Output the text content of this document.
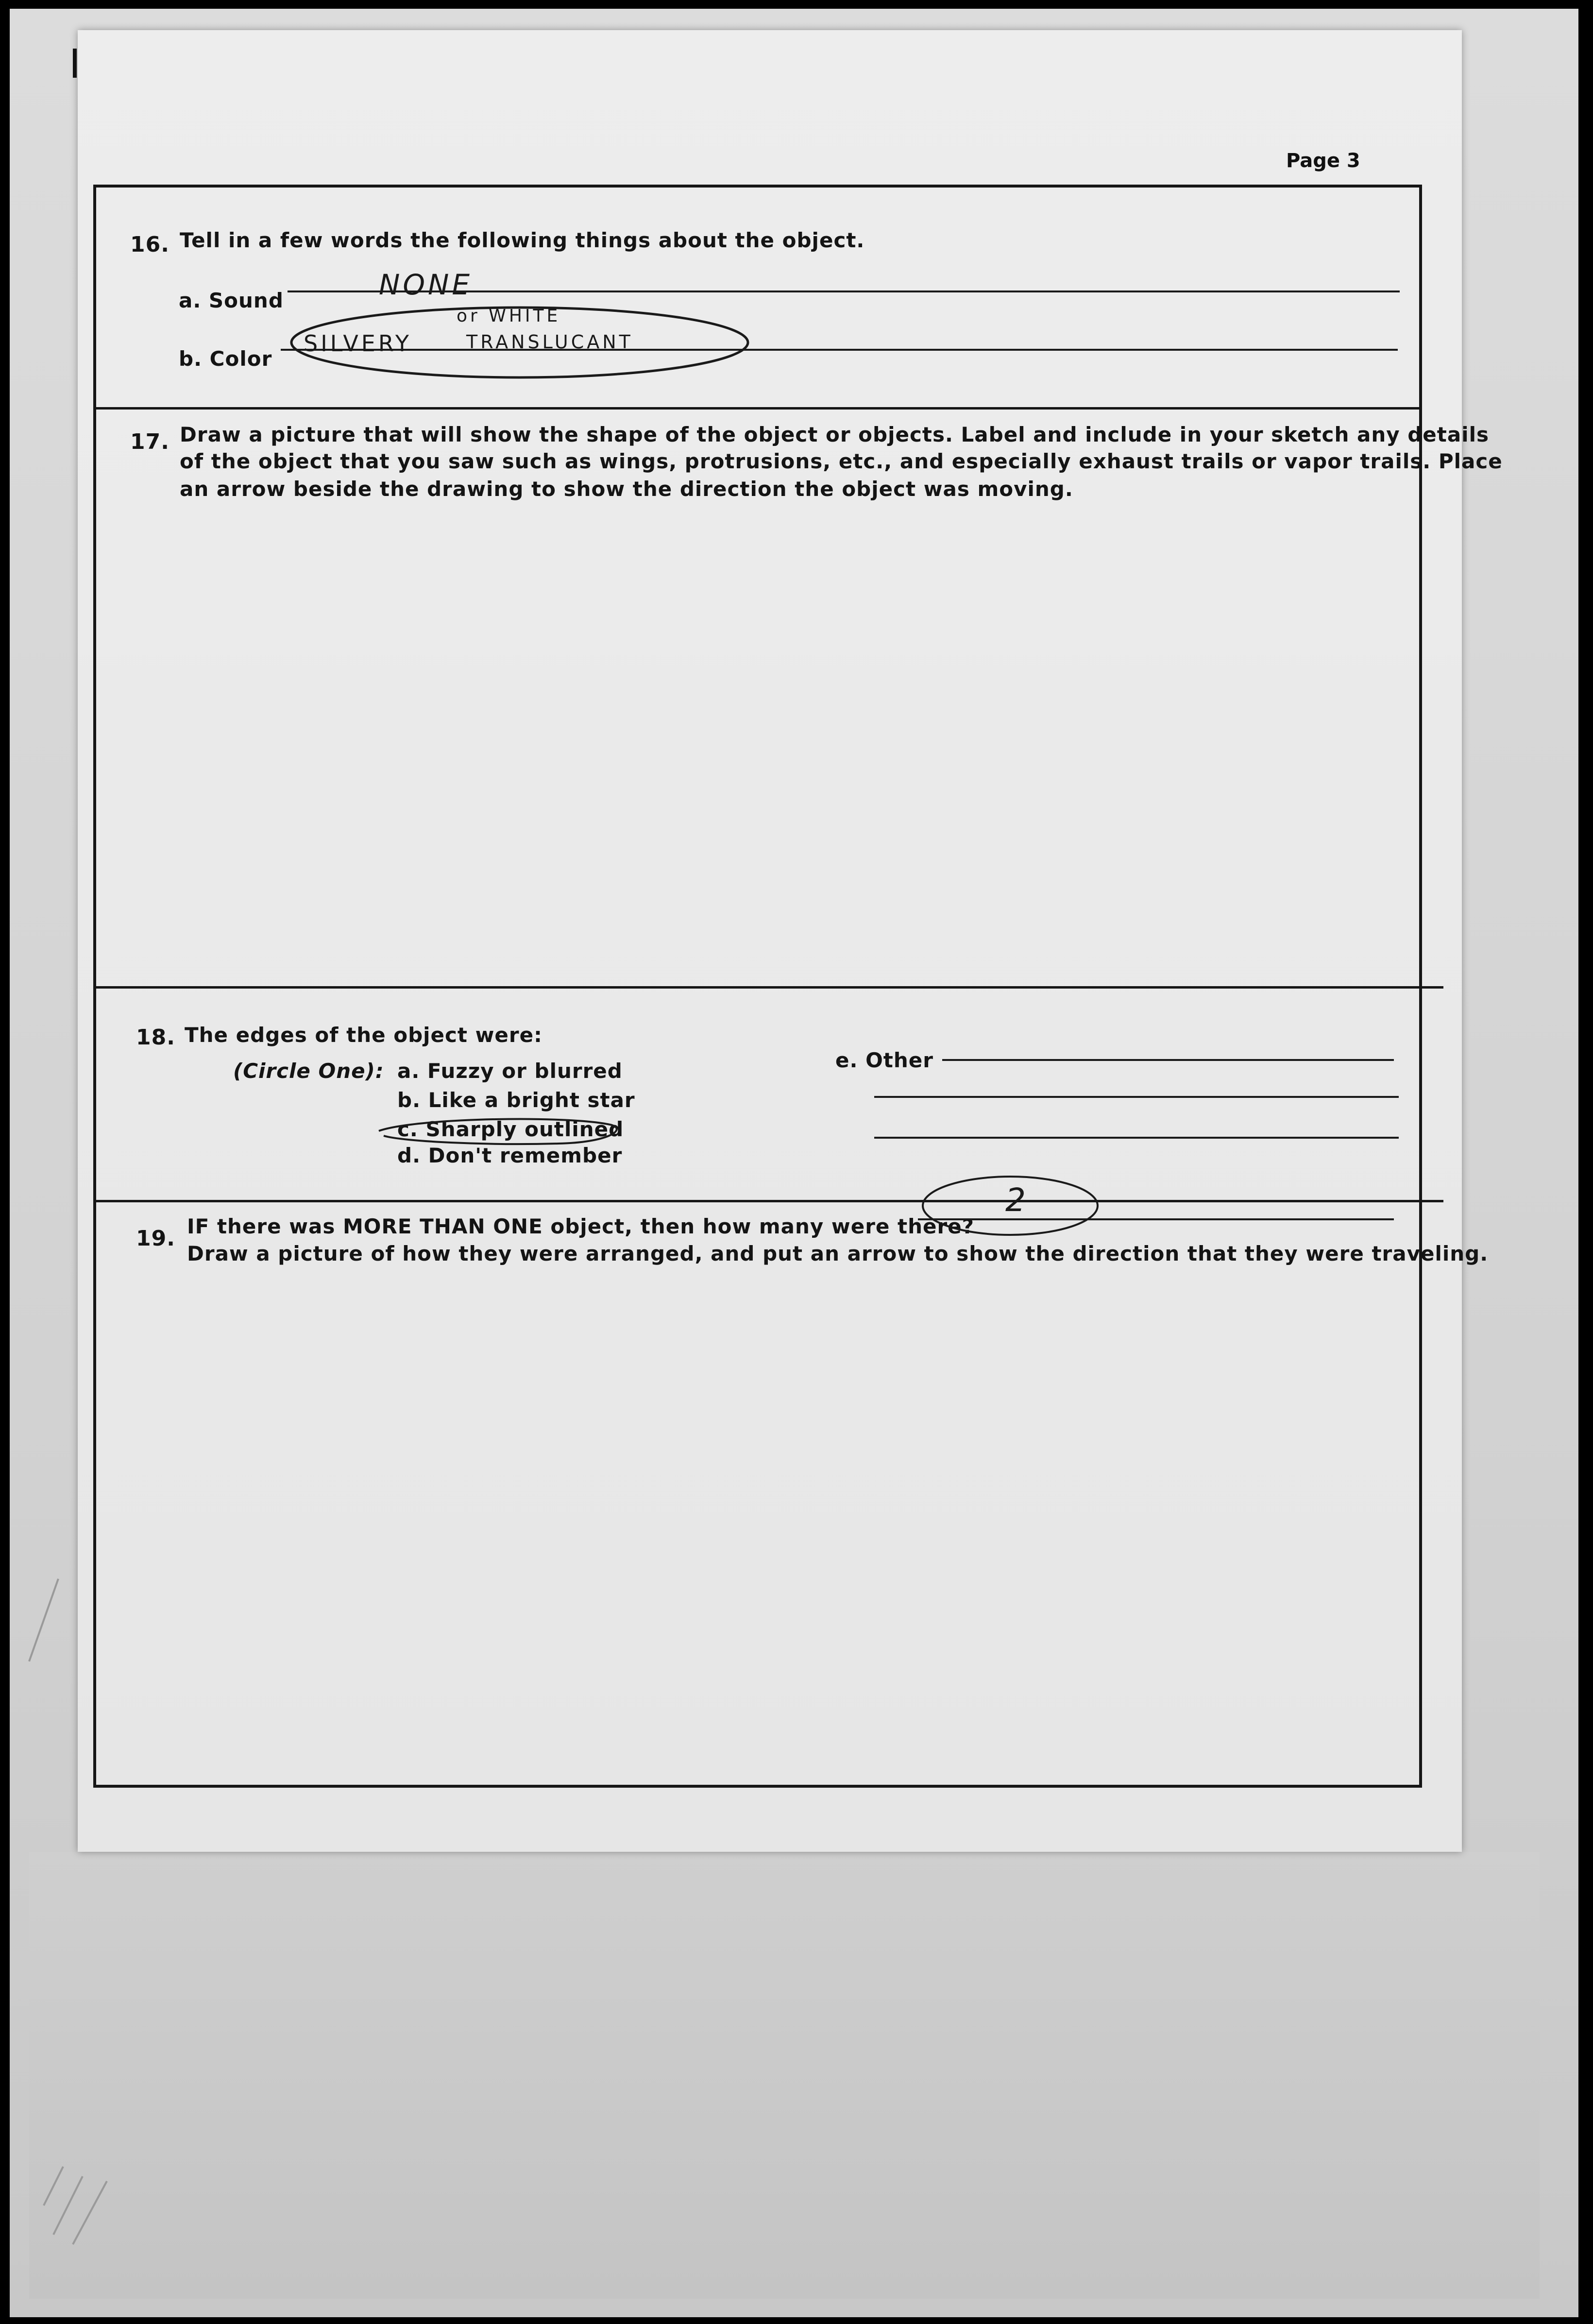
Page 3
16. Tell in a few words the following things about the object.
a. Sound	NONE
b. Color
SILVERY
or WHITE
TRANSLUCANT
17. Draw a picture that will show the shape of the object or objects. Label and include in your sketch any details
of the object that you saw such as wings, protrusions, etc., and especially exhaust trails or vapor trails. Place
an arrow beside the drawing to show the direction the object was moving.
18. The edges of the object were:
(Circle One): a. Fuzzy or blurred
b. Like a bright star
c. Sharply outlined
d. Don't remember
e. Other
19. IF there was MORE THAN ONE object, then how many were there?
2
Draw a picture of how they were arranged, and put an arrow to show the direction that they were traveling.
